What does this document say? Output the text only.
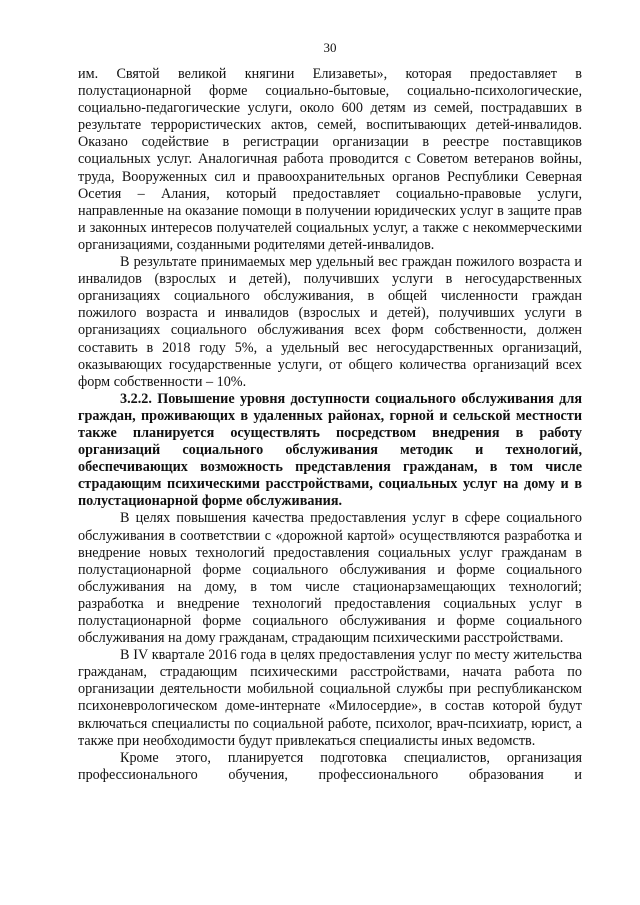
30

им. Святой великой княгини Елизаветы», которая предоставляет в полустационарной форме социально-бытовые, социально-психологические, социально-педагогические услуги, около 600 детям из семей, пострадавших в результате террористических актов, семей, воспитывающих детей-инвалидов. Оказано содействие в регистрации организации в реестре поставщиков социальных услуг. Аналогичная работа проводится с Советом ветеранов войны, труда, Вооруженных сил и правоохранительных органов Республики Северная Осетия – Алания, который предоставляет социально-правовые услуги, направленные на оказание помощи в получении юридических услуг в защите прав и законных интересов получателей социальных услуг, а также с некоммерческими организациями, созданными родителями детей-инвалидов.

В результате принимаемых мер удельный вес граждан пожилого возраста и инвалидов (взрослых и детей), получивших услуги в негосударственных организациях социального обслуживания, в общей численности граждан пожилого возраста и инвалидов (взрослых и детей), получивших услуги в организациях социального обслуживания всех форм собственности, должен составить в 2018 году 5%, а удельный вес негосударственных организаций, оказывающих государственные услуги, от общего количества организаций всех форм собственности – 10%.

3.2.2. Повышение уровня доступности социального обслуживания для граждан, проживающих в удаленных районах, горной и сельской местности также планируется осуществлять посредством внедрения в работу организаций социального обслуживания методик и технологий, обеспечивающих возможность представления гражданам, в том числе страдающим психическими расстройствами, социальных услуг на дому и в полустационарной форме обслуживания.

В целях повышения качества предоставления услуг в сфере социального обслуживания в соответствии с «дорожной картой» осуществляются разработка и внедрение новых технологий предоставления социальных услуг гражданам в полустационарной форме социального обслуживания и форме социального обслуживания на дому, в том числе стационарзамещающих технологий; разработка и внедрение технологий предоставления социальных услуг в полустационарной форме социального обслуживания и форме социального обслуживания на дому гражданам, страдающим психическими расстройствами.

В IV квартале 2016 года в целях предоставления услуг по месту жительства гражданам, страдающим психическими расстройствами, начата работа по организации деятельности мобильной социальной службы при республиканском психоневрологическом доме-интернате «Милосердие», в состав которой будут включаться специалисты по социальной работе, психолог, врач-психиатр, юрист, а также при необходимости будут привлекаться специалисты иных ведомств.

Кроме этого, планируется подготовка специалистов, организация профессионального обучения, профессионального образования и
